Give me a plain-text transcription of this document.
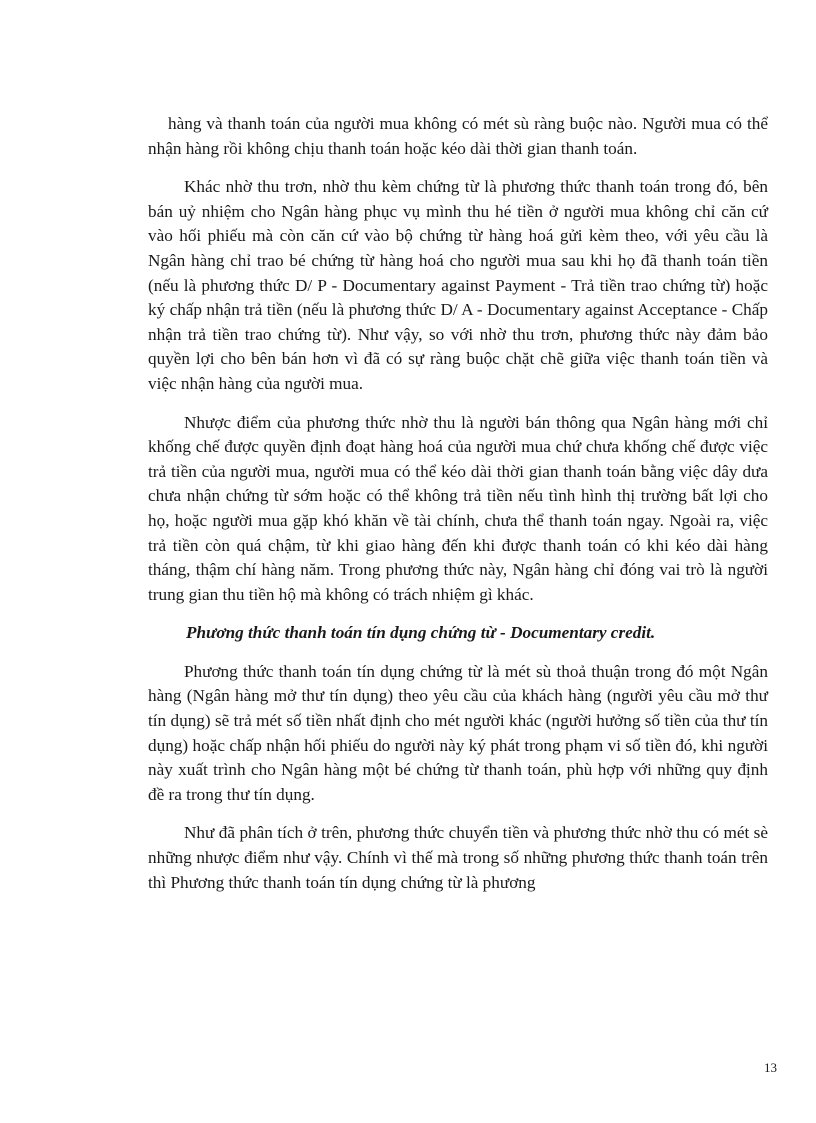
hàng và thanh toán của người mua không có mét sù ràng buộc nào. Người mua có thể nhận hàng rồi không chịu thanh toán hoặc kéo dài thời gian thanh toán.

Khác nhờ thu trơn, nhờ thu kèm chứng từ là phương thức thanh toán trong đó, bên bán uỷ nhiệm cho Ngân hàng phục vụ mình thu hé tiền ở người mua không chỉ căn cứ vào hối phiếu mà còn căn cứ vào bộ chứng từ hàng hoá gửi kèm theo, với yêu cầu là Ngân hàng chỉ trao bé chứng từ hàng hoá cho người mua sau khi họ đã thanh toán tiền (nếu là phương thức D/ P - Documentary against Payment - Trả tiền trao chứng từ) hoặc ký chấp nhận trả tiền (nếu là phương thức D/ A - Documentary against Acceptance - Chấp nhận trả tiền trao chứng từ). Như vậy, so với nhờ thu trơn, phương thức này đảm bảo quyền lợi cho bên bán hơn vì đã có sự ràng buộc chặt chẽ giữa việc thanh toán tiền và việc nhận hàng của người mua.

Nhược điểm của phương thức nhờ thu là người bán thông qua Ngân hàng mới chỉ khống chế được quyền định đoạt hàng hoá của người mua chứ chưa khống chế được việc trả tiền của người mua, người mua có thể kéo dài thời gian thanh toán bằng việc dây dưa chưa nhận chứng từ sớm hoặc có thể không trả tiền nếu tình hình thị trường bất lợi cho họ, hoặc người mua gặp khó khăn về tài chính, chưa thể thanh toán ngay. Ngoài ra, việc trả tiền còn quá chậm, từ khi giao hàng đến khi được thanh toán có khi kéo dài hàng tháng, thậm chí hàng năm. Trong phương thức này, Ngân hàng chỉ đóng vai trò là người trung gian thu tiền hộ mà không có trách nhiệm gì khác.

Phương thức thanh toán tín dụng chứng từ - Documentary credit.

Phương thức thanh toán tín dụng chứng từ là mét sù thoả thuận trong đó một Ngân hàng (Ngân hàng mở thư tín dụng) theo yêu cầu của khách hàng (người yêu cầu mở thư tín dụng) sẽ trả mét số tiền nhất định cho mét người khác (người hưởng số tiền của thư tín dụng) hoặc chấp nhận hối phiếu do người này ký phát trong phạm vi số tiền đó, khi người này xuất trình cho Ngân hàng một bé chứng từ thanh toán, phù hợp với những quy định đề ra trong thư tín dụng.

Như đã phân tích ở trên, phương thức chuyển tiền và phương thức nhờ thu có mét sè những nhược điểm như vậy. Chính vì thế mà trong số những phương thức thanh toán trên thì Phương thức thanh toán tín dụng chứng từ là phương

13
